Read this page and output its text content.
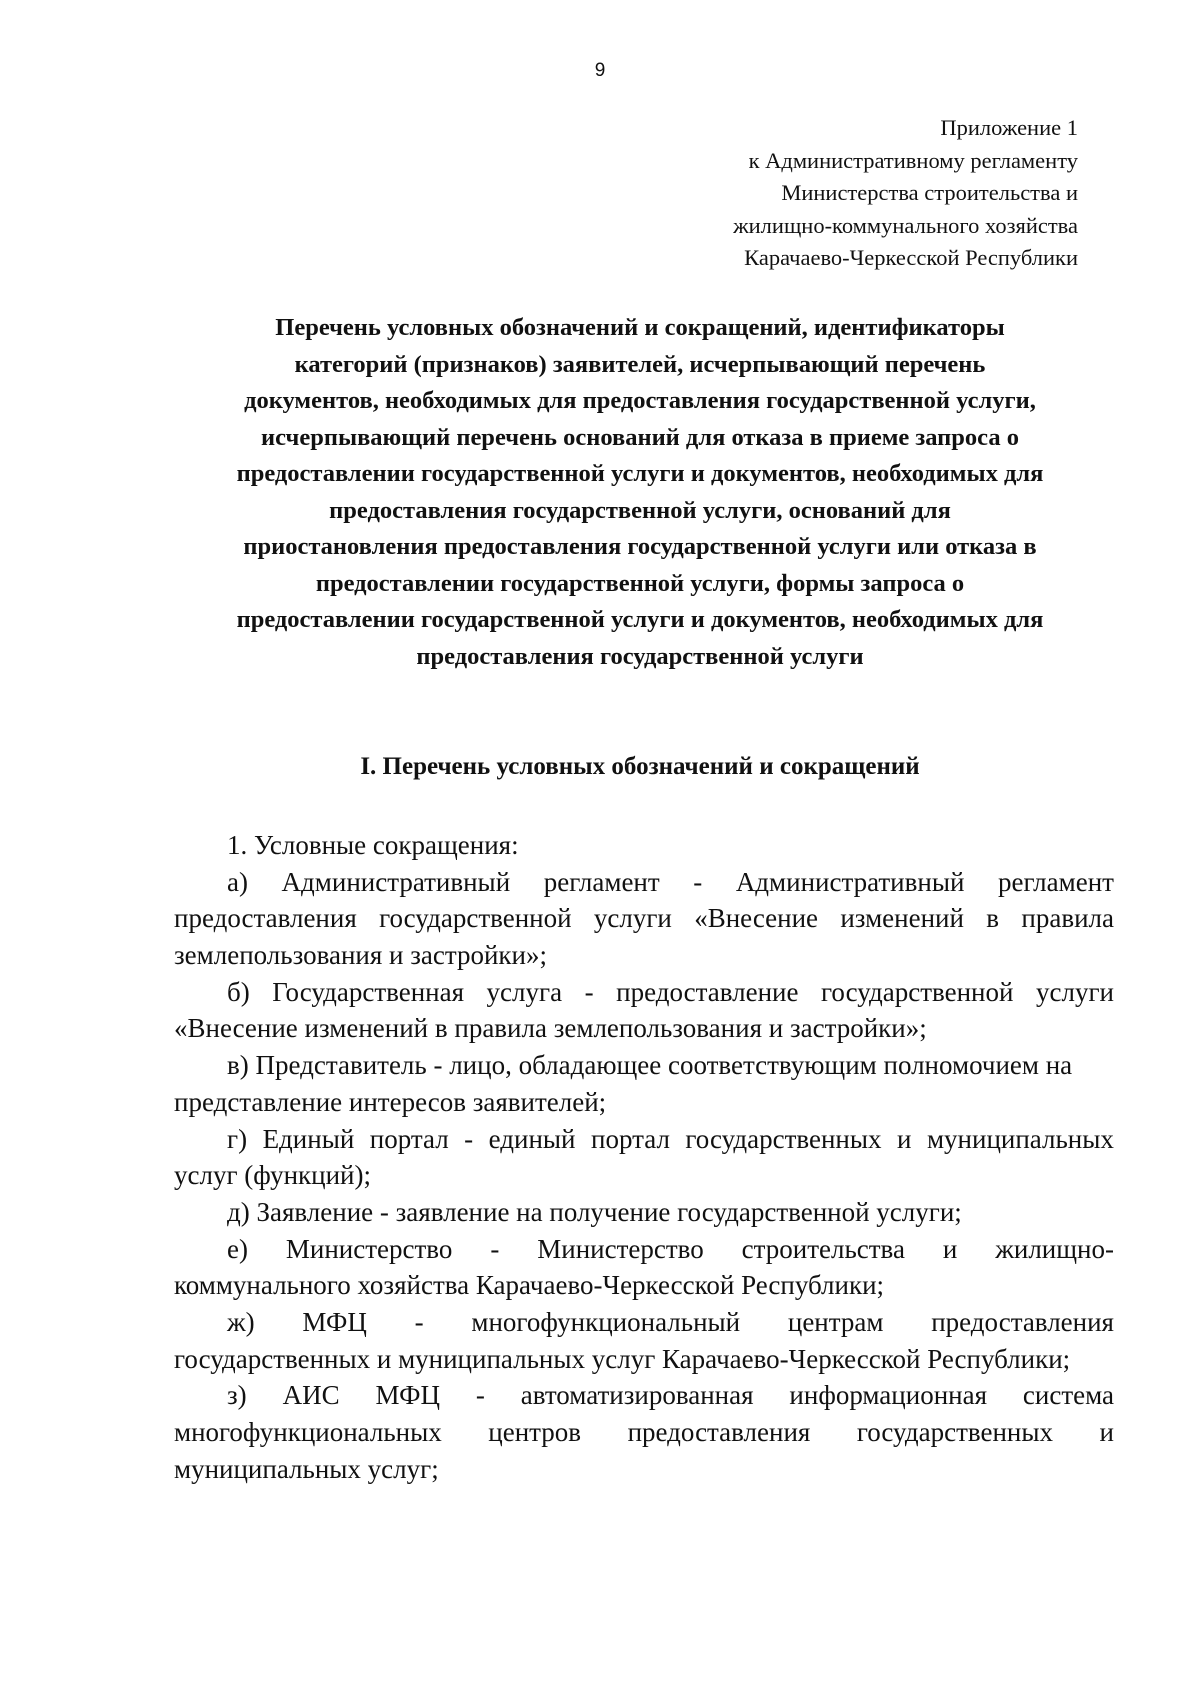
9
Приложение 1
к Административному регламенту
Министерства строительства и
жилищно-коммунального хозяйства
Карачаево-Черкесской Республики
Перечень условных обозначений и сокращений, идентификаторы
категорий (признаков) заявителей, исчерпывающий перечень
документов, необходимых для предоставления государственной услуги,
исчерпывающий перечень оснований для отказа в приеме запроса о
предоставлении государственной услуги и документов, необходимых для
предоставления государственной услуги, оснований для
приостановления предоставления государственной услуги или отказа в
предоставлении государственной услуги, формы запроса о
предоставлении государственной услуги и документов, необходимых для
предоставления государственной услуги
I. Перечень условных обозначений и сокращений
1. Условные сокращения:
а) Административный регламент - Административный регламент
предоставления государственной услуги «Внесение изменений в правила
землепользования и застройки»;
б) Государственная услуга - предоставление государственной услуги
«Внесение изменений в правила землепользования и застройки»;
в) Представитель - лицо, обладающее соответствующим полномочием на
представление интересов заявителей;
г) Единый портал - единый портал государственных и муниципальных
услуг (функций);
д) Заявление - заявление на получение государственной услуги;
е) Министерство - Министерство строительства и жилищно-
коммунального хозяйства Карачаево-Черкесской Республики;
ж) МФЦ - многофункциональный центрам предоставления
государственных и муниципальных услуг Карачаево-Черкесской Республики;
з) АИС МФЦ - автоматизированная информационная система
многофункциональных центров предоставления государственных и
муниципальных услуг;
